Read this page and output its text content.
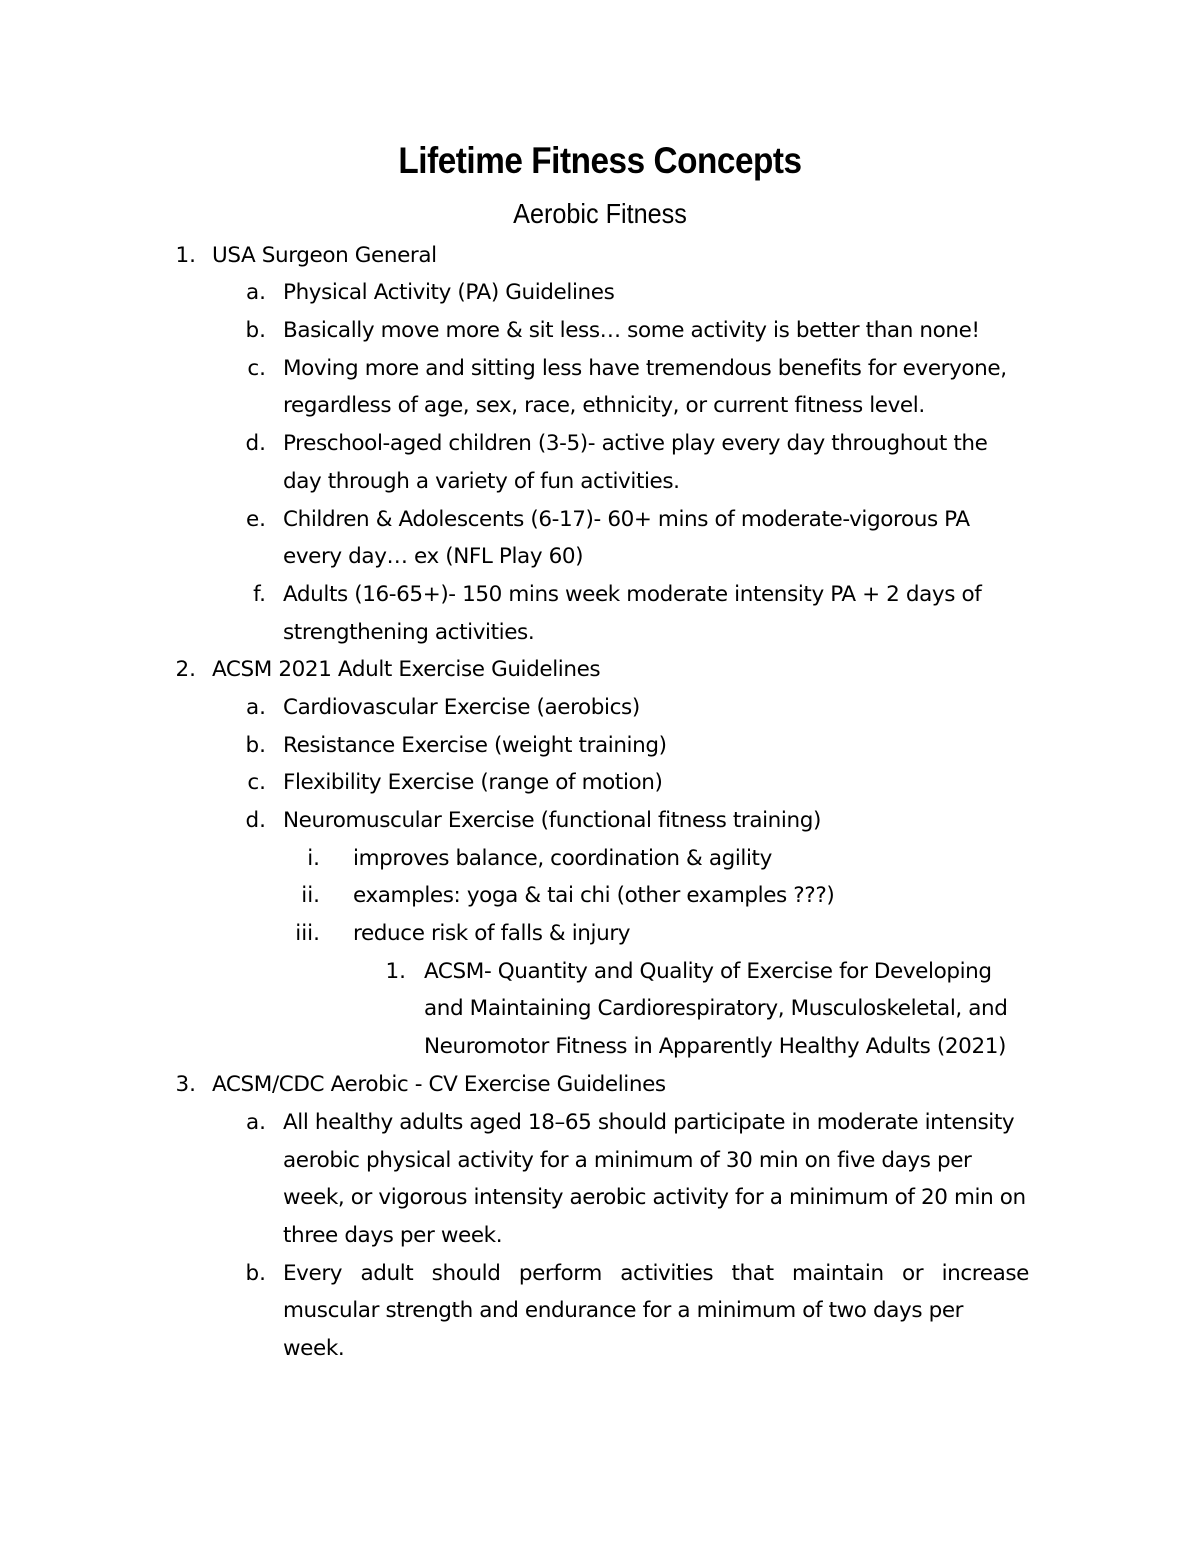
Lifetime Fitness Concepts
Aerobic Fitness
1. USA Surgeon General
a. Physical Activity (PA) Guidelines
b. Basically move more & sit less… some activity is better than none!
c. Moving more and sitting less have tremendous benefits for everyone,
regardless of age, sex, race, ethnicity, or current fitness level.
d. Preschool-aged children (3-5)- active play every day throughout the
day through a variety of fun activities.
e. Children & Adolescents (6-17)- 60+ mins of moderate-vigorous PA
every day… ex (NFL Play 60)
f. Adults (16-65+)- 150 mins week moderate intensity PA + 2 days of
strengthening activities.
2. ACSM 2021 Adult Exercise Guidelines
a. Cardiovascular Exercise (aerobics)
b. Resistance Exercise (weight training)
c. Flexibility Exercise (range of motion)
d. Neuromuscular Exercise (functional fitness training)
i. improves balance, coordination & agility
ii. examples: yoga & tai chi (other examples ???)
iii. reduce risk of falls & injury
1. ACSM- Quantity and Quality of Exercise for Developing
and Maintaining Cardiorespiratory, Musculoskeletal, and
Neuromotor Fitness in Apparently Healthy Adults (2021)
3. ACSM/CDC Aerobic - CV Exercise Guidelines
a. All healthy adults aged 18–65 should participate in moderate intensity
aerobic physical activity for a minimum of 30 min on five days per
week, or vigorous intensity aerobic activity for a minimum of 20 min on
three days per week.
b. Every adult should perform activities that maintain or increase
muscular strength and endurance for a minimum of two days per
week.
